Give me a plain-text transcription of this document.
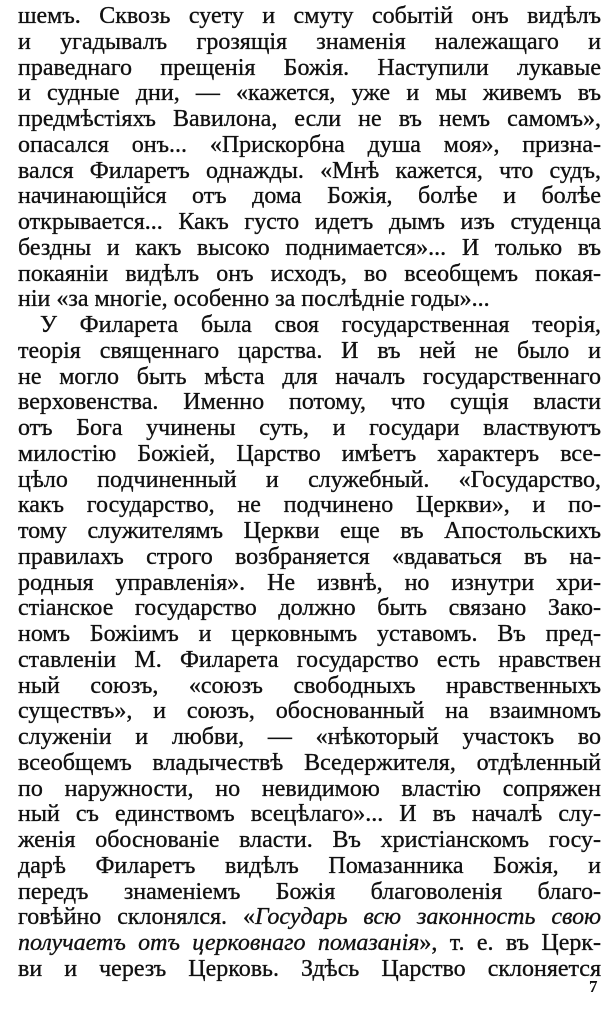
шемъ. Сквозь суету и смуту событій онъ видѣлъ
и угадывалъ грозящія знаменія належащаго и
праведнаго прещенія Божія. Наступили лукавые
и судные дни, — «кажется, уже и мы живемъ въ
предмѣстіяхъ Вавилона, если не въ немъ самомъ»,
опасался онъ... «Прискорбна душа моя», призна-
вался Филаретъ однажды. «Мнѣ кажется, что судъ,
начинающійся отъ дома Божія, болѣе и болѣе
открывается... Какъ густо идетъ дымъ изъ студенца
бездны и какъ высоко поднимается»... И только въ
покаяніи видѣлъ онъ исходъ, во всеобщемъ покая-
ніи «за многіе, особенно за послѣдніе годы»...
У Филарета была своя государственная теорія,
теорія священнаго царства. И въ ней не было и
не могло быть мѣста для началъ государственнаго
верховенства. Именно потому, что сущія власти
отъ Бога учинены суть, и государи властвуютъ
милостію Божіей, Царство имѣетъ характеръ все-
цѣло подчиненный и служебный. «Государство,
какъ государство, не подчинено Церкви», и по-
тому служителямъ Церкви еще въ Апостольскихъ
правилахъ строго возбраняется «вдаваться въ на-
родныя управленія». Не извнѣ, но изнутри хри-
стіанское государство должно быть связано Зако-
номъ Божіимъ и церковнымъ уставомъ. Въ пред-
ставленіи М. Филарета государство есть нравствен
ный союзъ, «союзъ свободныхъ нравственныхъ
существъ», и союзъ, обоснованный на взаимномъ
служеніи и любви, — «нѣкоторый участокъ во
всеобщемъ владычествѣ Вседержителя, отдѣленный
по наружности, но невидимою властію сопряжен
ный съ единствомъ всецѣлаго»... И въ началѣ слу-
женія обоснованіе власти. Въ христіанскомъ госу-
дарѣ Филаретъ видѣлъ Помазанника Божія, и
передъ знаменіемъ Божія благоволенія благо-
говѣйно склонялся. «Государь всю законность свою
получаетъ отъ церковнаго помазанія», т. е. въ Церк-
ви и черезъ Церковь. Здѣсь Царство склоняется
7
